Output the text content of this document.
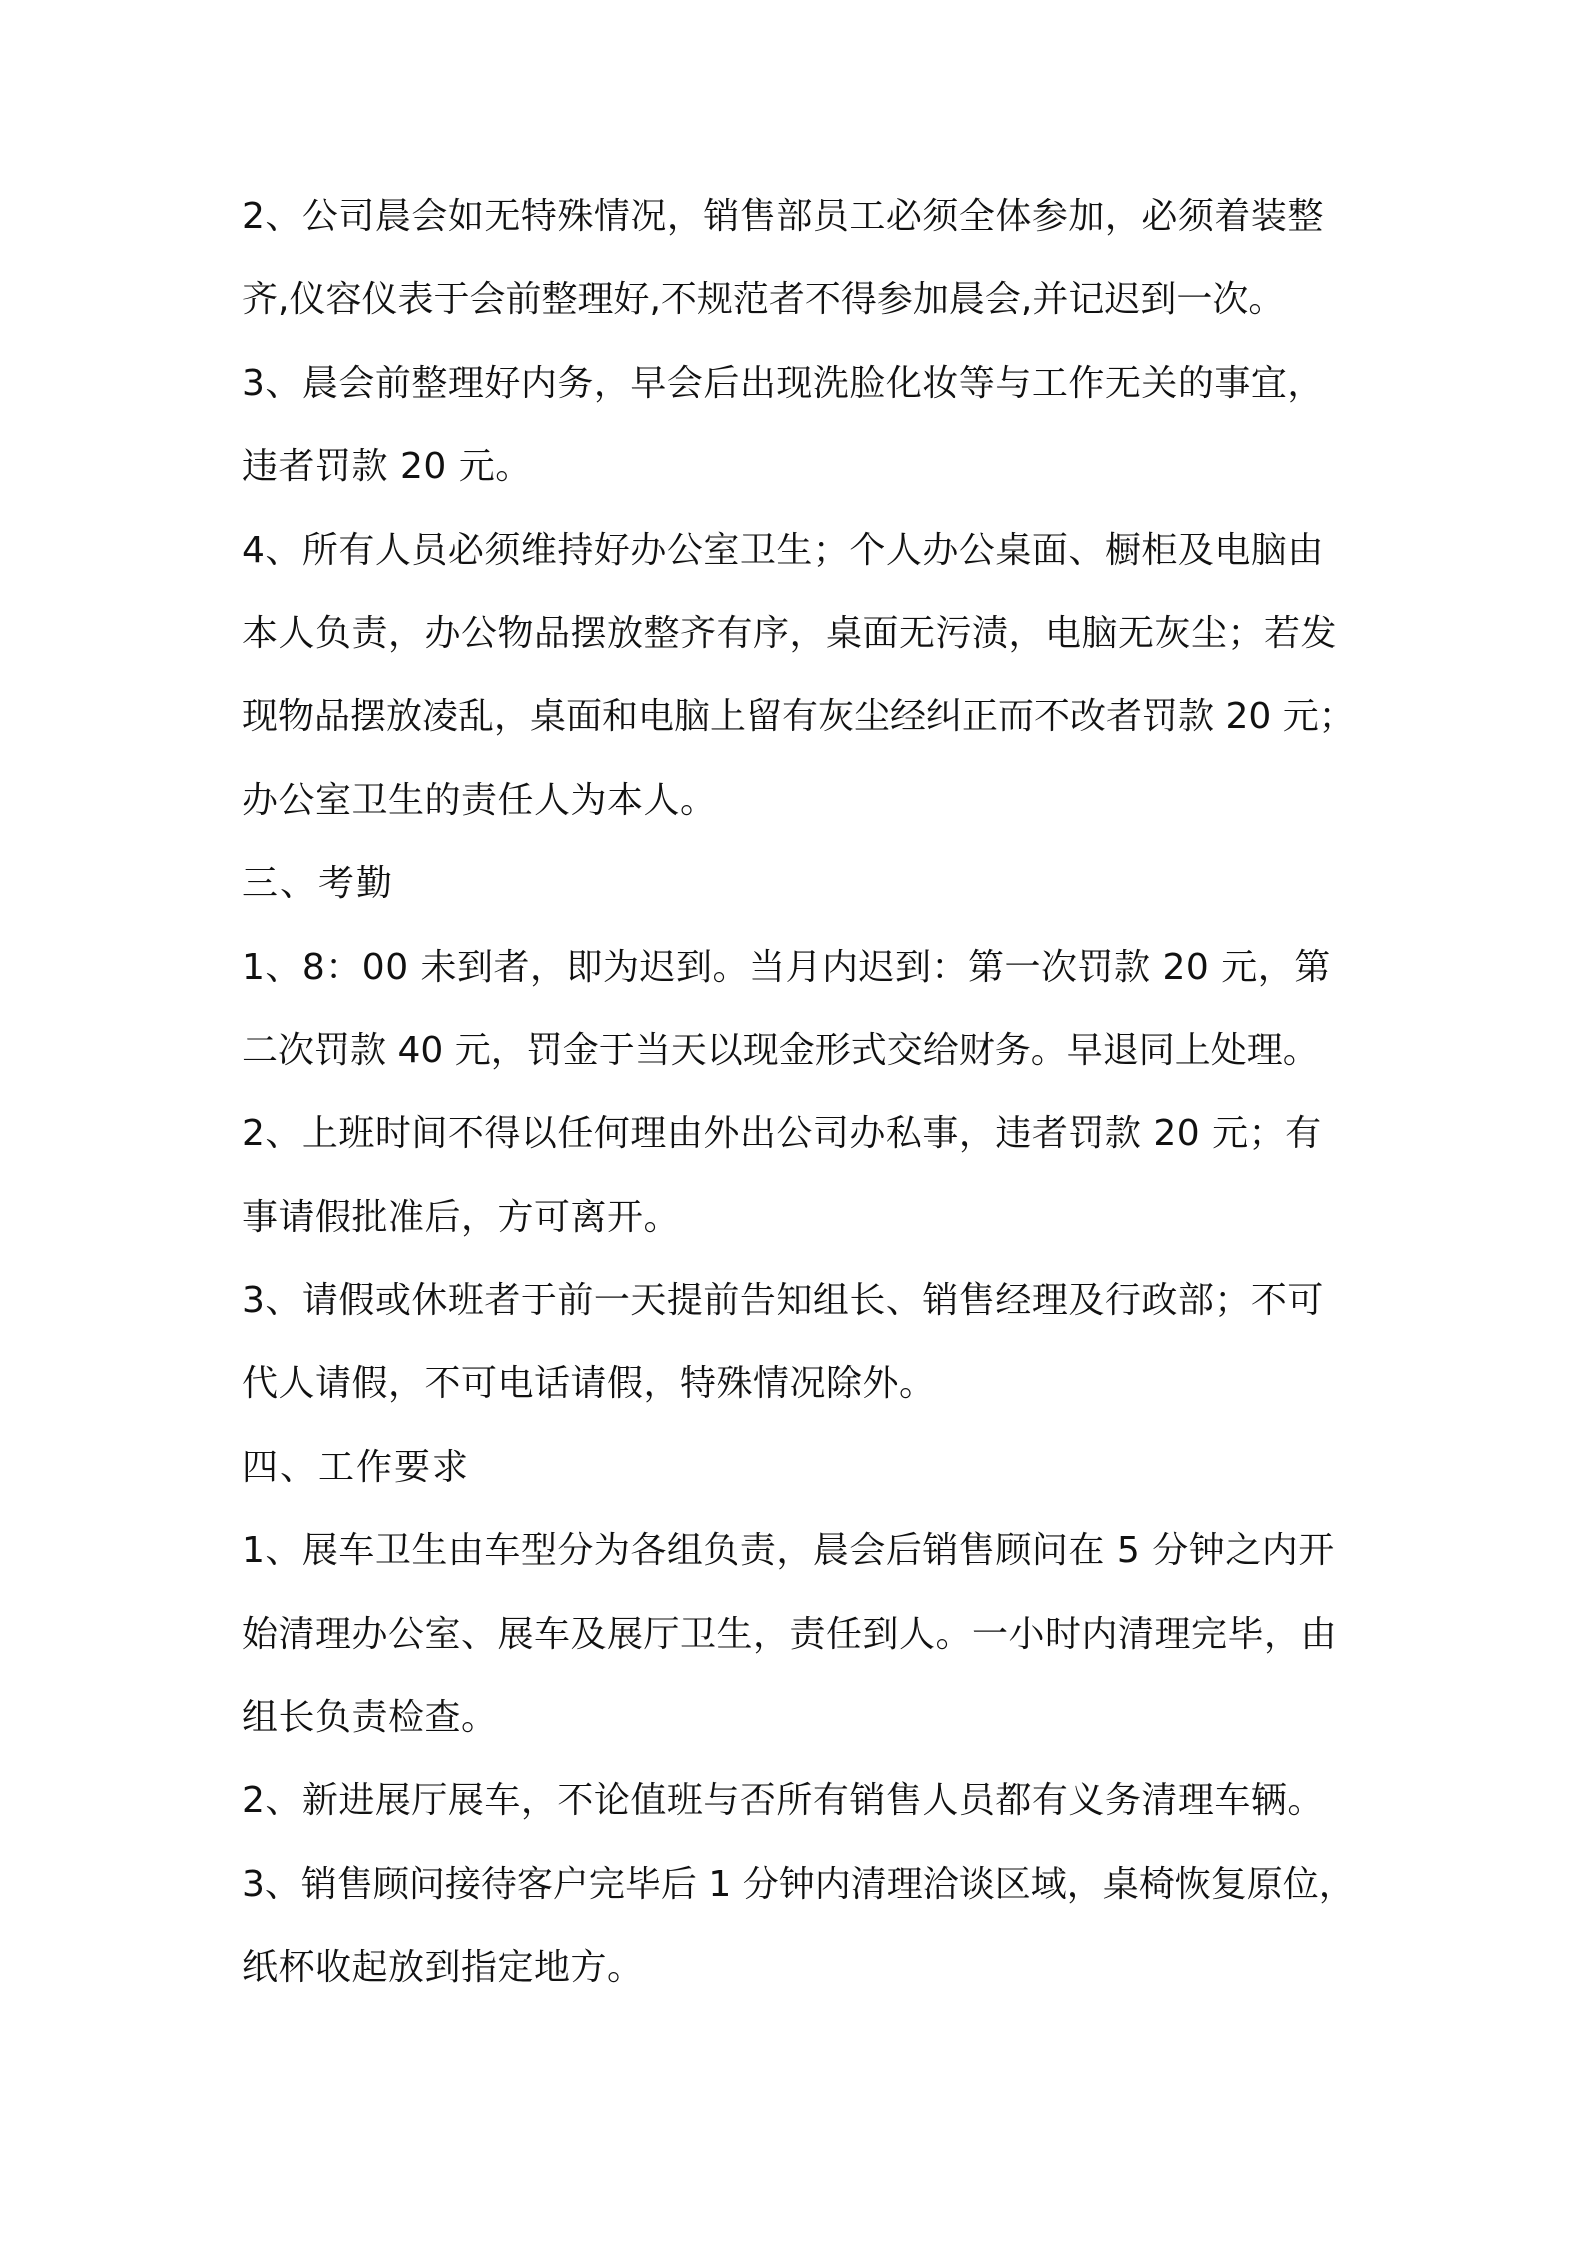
2、公司晨会如无特殊情况，销售部员工必须全体参加，必须着装整
齐,仪容仪表于会前整理好,不规范者不得参加晨会,并记迟到一次。
3、晨会前整理好内务，早会后出现洗脸化妆等与工作无关的事宜，
违者罚款 20 元。
4、所有人员必须维持好办公室卫生；个人办公桌面、橱柜及电脑由
本人负责，办公物品摆放整齐有序，桌面无污渍，电脑无灰尘；若发
现物品摆放凌乱，桌面和电脑上留有灰尘经纠正而不改者罚款 20 元；
办公室卫生的责任人为本人。
三、考勤
1、8：00 未到者，即为迟到。当月内迟到：第一次罚款 20 元，第
二次罚款 40 元，罚金于当天以现金形式交给财务。早退同上处理。
2、上班时间不得以任何理由外出公司办私事，违者罚款 20 元；有
事请假批准后，方可离开。
3、请假或休班者于前一天提前告知组长、销售经理及行政部；不可
代人请假，不可电话请假，特殊情况除外。
四、工作要求
1、展车卫生由车型分为各组负责，晨会后销售顾问在 5 分钟之内开
始清理办公室、展车及展厅卫生，责任到人。一小时内清理完毕，由
组长负责检查。
2、新进展厅展车，不论值班与否所有销售人员都有义务清理车辆。
3、销售顾问接待客户完毕后 1 分钟内清理洽谈区域，桌椅恢复原位，
纸杯收起放到指定地方。
